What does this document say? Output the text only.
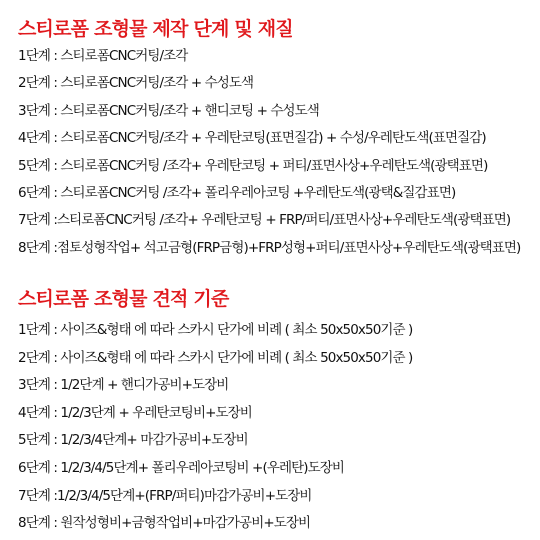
스티로폼 조형물 제작 단계 및 재질
1단계 : 스티로폼CNC커팅/조각
2단계 : 스티로폼CNC커팅/조각 + 수성도색
3단계 : 스티로폼CNC커팅/조각 + 핸디코팅 + 수성도색
4단계 : 스티로폼CNC커팅/조각 + 우레탄코팅(표면질감) + 수성/우레탄도색(표면질감)
5단계 : 스티로폼CNC커팅 /조각+ 우레탄코팅 + 퍼티/표면사상+우레탄도색(광택표면)
6단계 : 스티로폼CNC커팅 /조각+ 폴리우레아코팅 +우레탄도색(광택&질감표면)
7단계 :스티로폼CNC커팅 /조각+ 우레탄코팅 + FRP/퍼티/표면사상+우레탄도색(광택표면)
8단계 :점토성형작업+ 석고금형(FRP금형)+FRP성형+퍼티/표면사상+우레탄도색(광택표면)
스티로폼 조형물 견적 기준
1단계 : 사이즈&형태 에 따라 스카시 단가에 비례 ( 최소 50x50x50기준 )
2단계 : 사이즈&형태 에 따라 스카시 단가에 비례 ( 최소 50x50x50기준 )
3단계 : 1/2단계 + 핸디가공비+도장비
4단계 : 1/2/3단계 + 우레탄코팅비+도장비
5단계 : 1/2/3/4단계+ 마감가공비+도장비
6단계 : 1/2/3/4/5단계+ 폴리우레아코팅비 +(우레탄)도장비
7단계 :1/2/3/4/5단계+(FRP/퍼티)마감가공비+도장비
8단계 : 원작성형비+금형작업비+마감가공비+도장비
